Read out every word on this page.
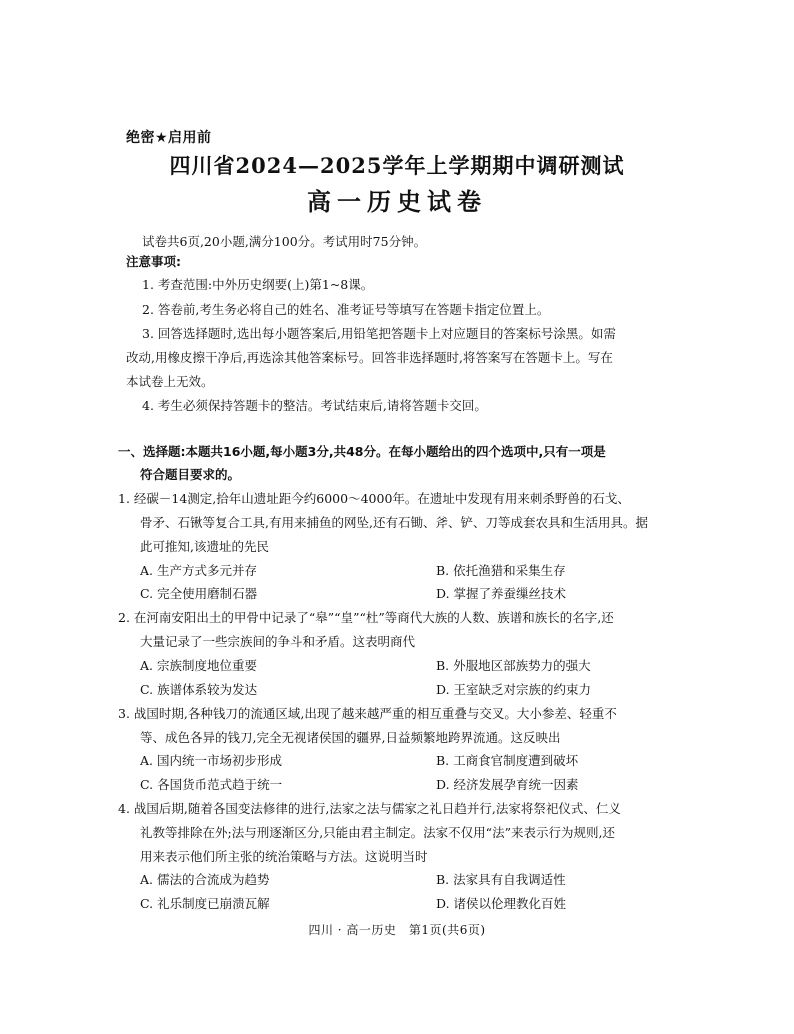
绝密★启用前
四川省2024—2025学年上学期期中调研测试
高一历史试卷
试卷共6页,20小题,满分100分。考试用时75分钟。
注意事项:
1. 考查范围:中外历史纲要(上)第1~8课。
2. 答卷前,考生务必将自己的姓名、准考证号等填写在答题卡指定位置上。
3. 回答选择题时,选出每小题答案后,用铅笔把答题卡上对应题目的答案标号涂黑。如需
改动,用橡皮擦干净后,再选涂其他答案标号。回答非选择题时,将答案写在答题卡上。写在
本试卷上无效。
4. 考生必须保持答题卡的整洁。考试结束后,请将答题卡交回。
一、选择题:本题共16小题,每小题3分,共48分。在每小题给出的四个选项中,只有一项是
符合题目要求的。
1. 经碳－14测定,拾年山遗址距今约6000～4000年。在遗址中发现有用来刺杀野兽的石戈、
骨矛、石锹等复合工具,有用来捕鱼的网坠,还有石锄、斧、铲、刀等成套农具和生活用具。据
此可推知,该遗址的先民
A. 生产方式多元并存	B. 依托渔猎和采集生存
C. 完全使用磨制石器	D. 掌握了养蚕缫丝技术
2. 在河南安阳出土的甲骨中记录了“皋”“皇”“杜”等商代大族的人数、族谱和族长的名字,还
大量记录了一些宗族间的争斗和矛盾。这表明商代
A. 宗族制度地位重要	B. 外服地区部族势力的强大
C. 族谱体系较为发达	D. 王室缺乏对宗族的约束力
3. 战国时期,各种钱刀的流通区域,出现了越来越严重的相互重叠与交叉。大小参差、轻重不
等、成色各异的钱刀,完全无视诸侯国的疆界,日益频繁地跨界流通。这反映出
A. 国内统一市场初步形成	B. 工商食官制度遭到破坏
C. 各国货币范式趋于统一	D. 经济发展孕育统一因素
4. 战国后期,随着各国变法修律的进行,法家之法与儒家之礼日趋并行,法家将祭祀仪式、仁义
礼教等排除在外;法与刑逐渐区分,只能由君主制定。法家不仅用“法”来表示行为规则,还
用来表示他们所主张的统治策略与方法。这说明当时
A. 儒法的合流成为趋势	B. 法家具有自我调适性
C. 礼乐制度已崩溃瓦解	D. 诸侯以伦理教化百姓
四川 · 高一历史　第1页(共6页)
